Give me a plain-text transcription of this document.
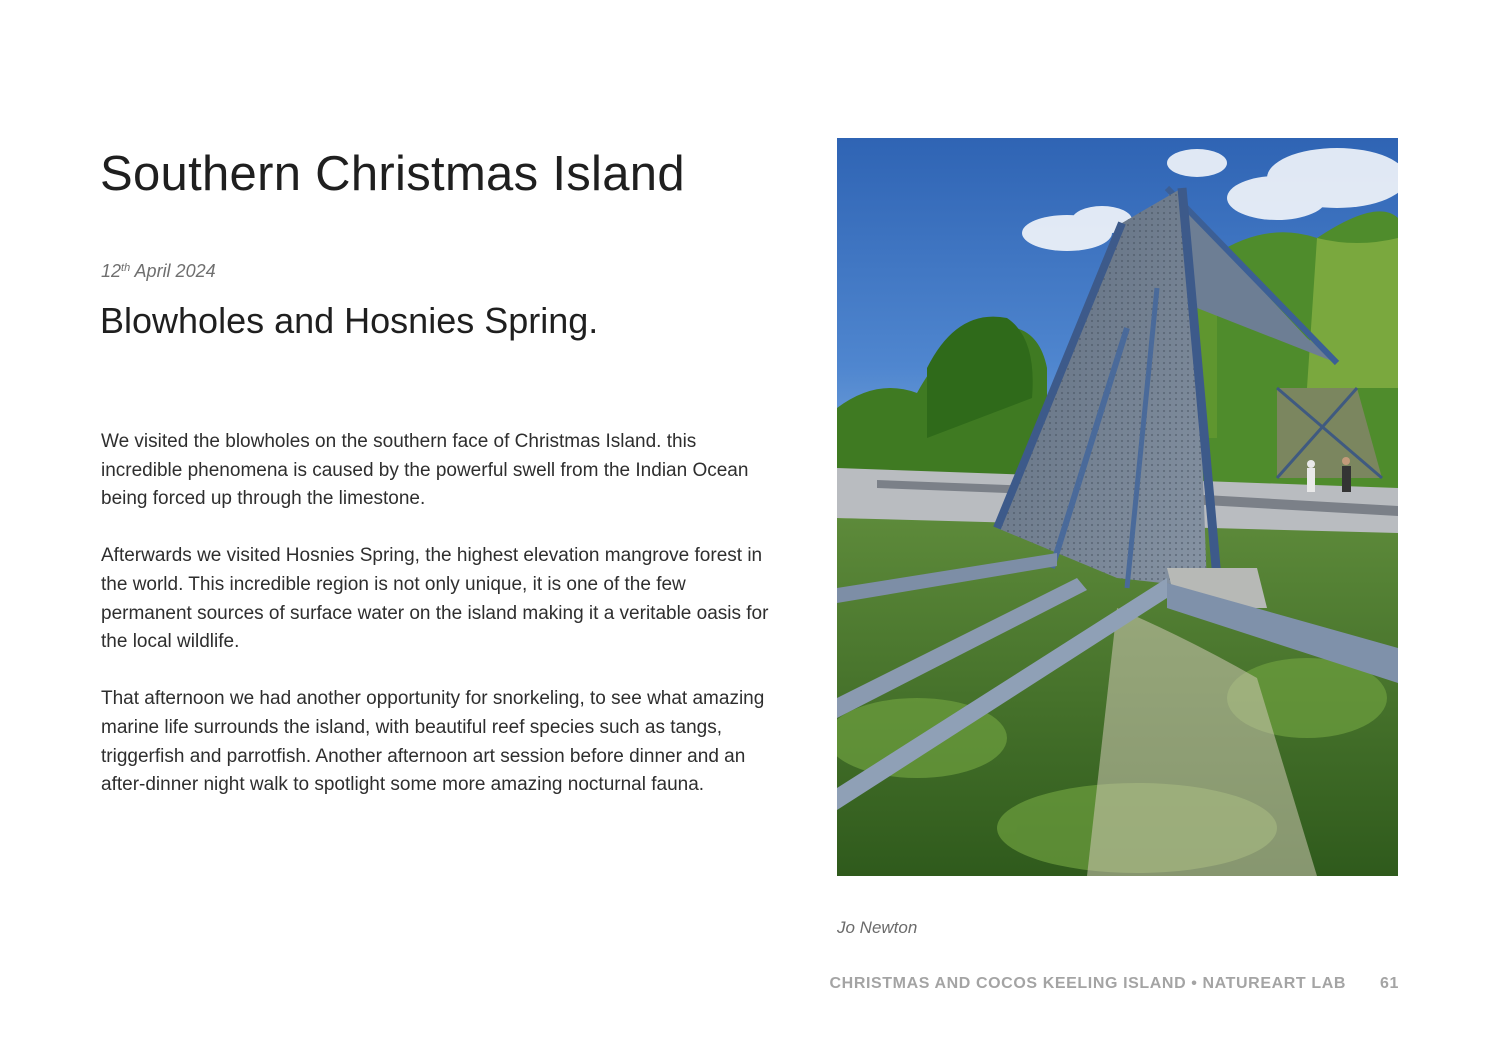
Southern Christmas Island
12th April 2024
Blowholes and Hosnies Spring.

We visited the blowholes on the southern face of Christmas Island. this incredible phenomena is caused by the powerful swell from the Indian Ocean being forced up through the limestone.

Afterwards we visited Hosnies Spring, the highest elevation mangrove forest in the world. This incredible region is not only unique, it is one of the few permanent sources of surface water on the island making it a veritable oasis for the local wildlife.

That afternoon we had another opportunity for snorkeling, to see what amazing marine life surrounds the island, with beautiful reef species such as tangs, triggerfish and parrotfish. Another afternoon art session before dinner and an after-dinner night walk to spotlight some more amazing nocturnal fauna.

Jo Newton
CHRISTMAS AND COCOS KEELING ISLAND • NATUREART LAB 61
